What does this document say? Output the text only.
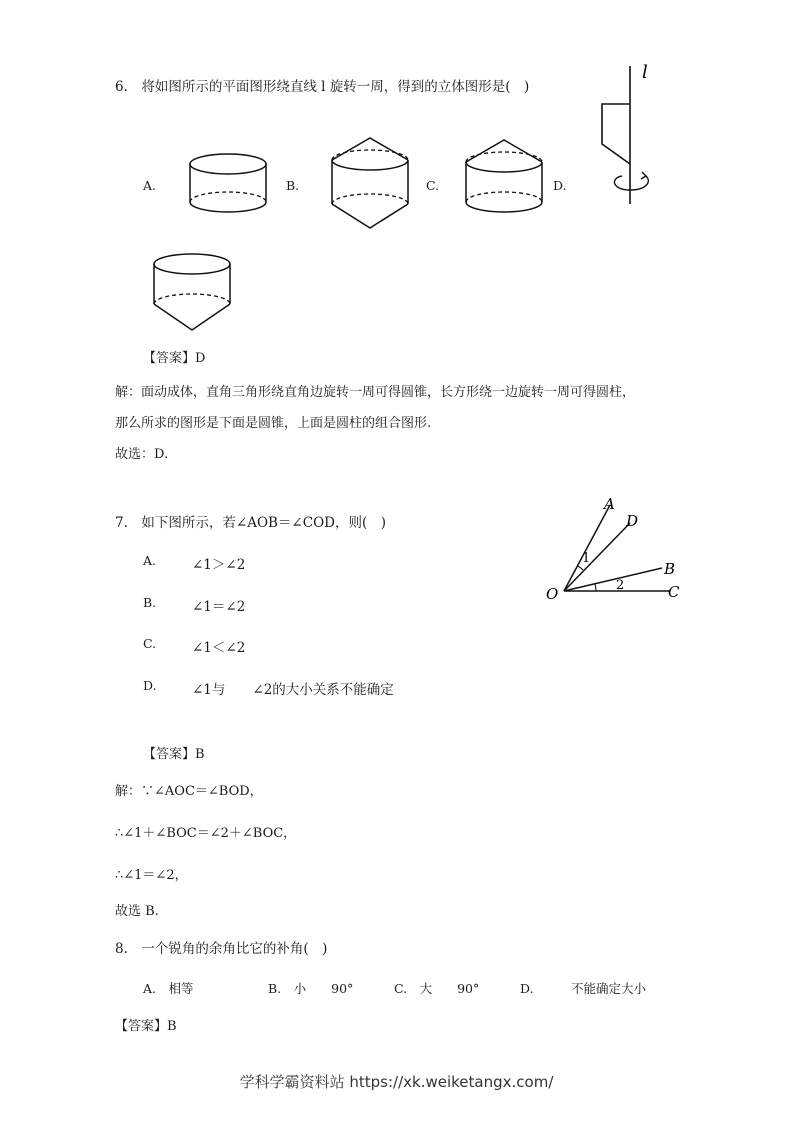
6.　将如图所示的平面图形绕直线 l 旋转一周，得到的立体图形是(　)
l
A.	B.	C.	D.
【答案】D
解：面动成体，直角三角形绕直角边旋转一周可得圆锥，长方形绕一边旋转一周可得圆柱，
那么所求的图形是下面是圆锥，上面是圆柱的组合图形.
故选：D.
7.　如下图所示，若∠AOB＝∠COD，则(　)
A.	∠1＞∠2
B.	∠1＝∠2
C.	∠1＜∠2
D.	∠1与　　∠2的大小关系不能确定
A
D
B
C
O
1
2
【答案】B
解：∵∠AOC＝∠BOD，
∴∠1＋∠BOC＝∠2＋∠BOC，
∴∠1＝∠2，
故选 B.
8.　一个锐角的余角比它的补角(　)
A.　相等	B.　小　　90°	C.　大　　90°	D.　　　不能确定大小
【答案】B
学科学霸资料站 https://xk.weiketangx.com/
